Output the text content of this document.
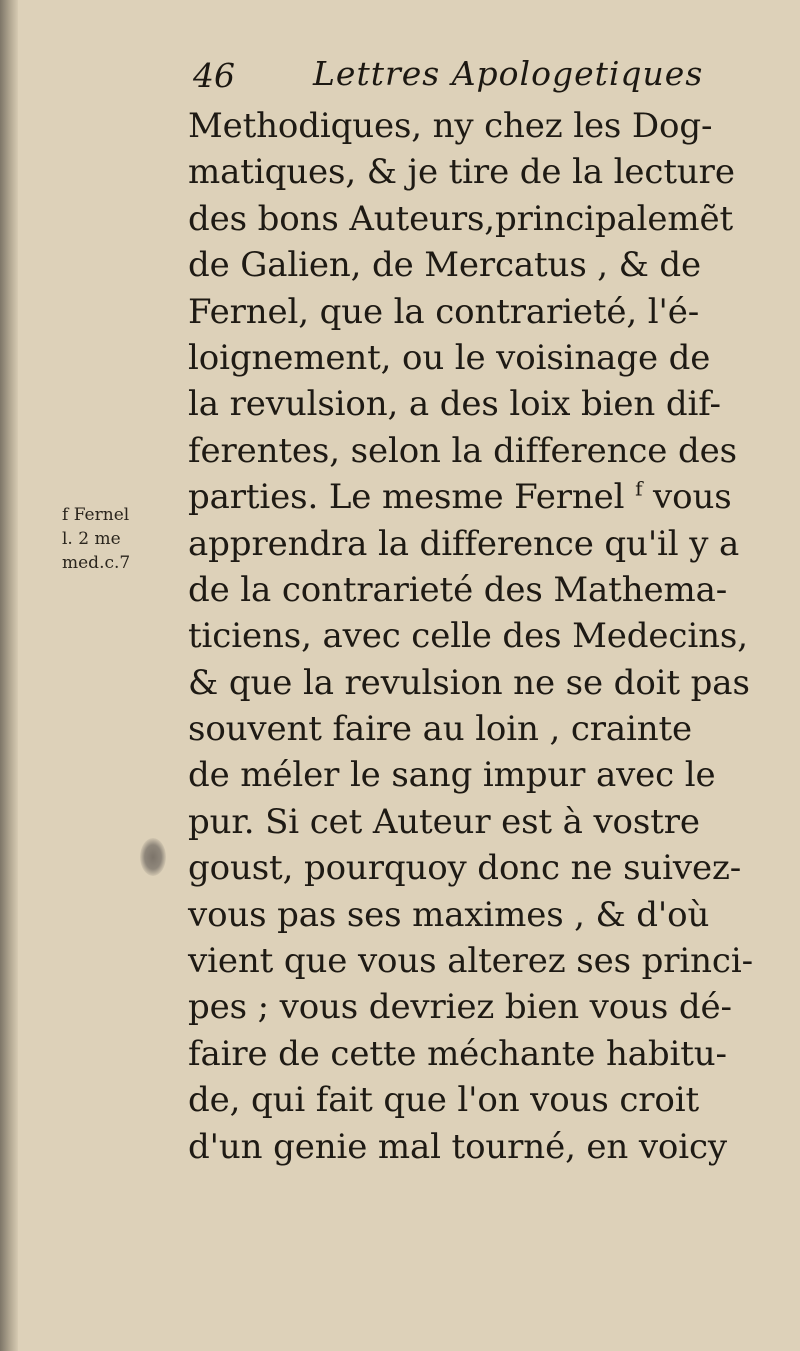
46 Lettres Apologetiques
f Fernel
l. 2 me
med.c.7
Methodiques, ny chez les Dog-
matiques, & je tire de la lecture
des bons Auteurs,principalemẽt
de Galien, de Mercatus , & de
Fernel, que la contrarieté, l'é-
loignement, ou le voisinage de
la revulsion, a des loix bien dif-
ferentes, selon la difference des
parties. Le mesme Fernel $^f$ vous
apprendra la difference qu'il y a
de la contrarieté des Mathema-
ticiens, avec celle des Medecins,
& que la revulsion ne se doit pas
souvent faire au loin , crainte
de méler le sang impur avec le
pur. Si cet Auteur est à vostre
goust, pourquoy donc ne suivez-
vous pas ses maximes , & d'où
vient que vous alterez ses princi-
pes ; vous devriez bien vous dé-
faire de cette méchante habitu-
de, qui fait que l'on vous croit
d'un genie mal tourné, en voicy
